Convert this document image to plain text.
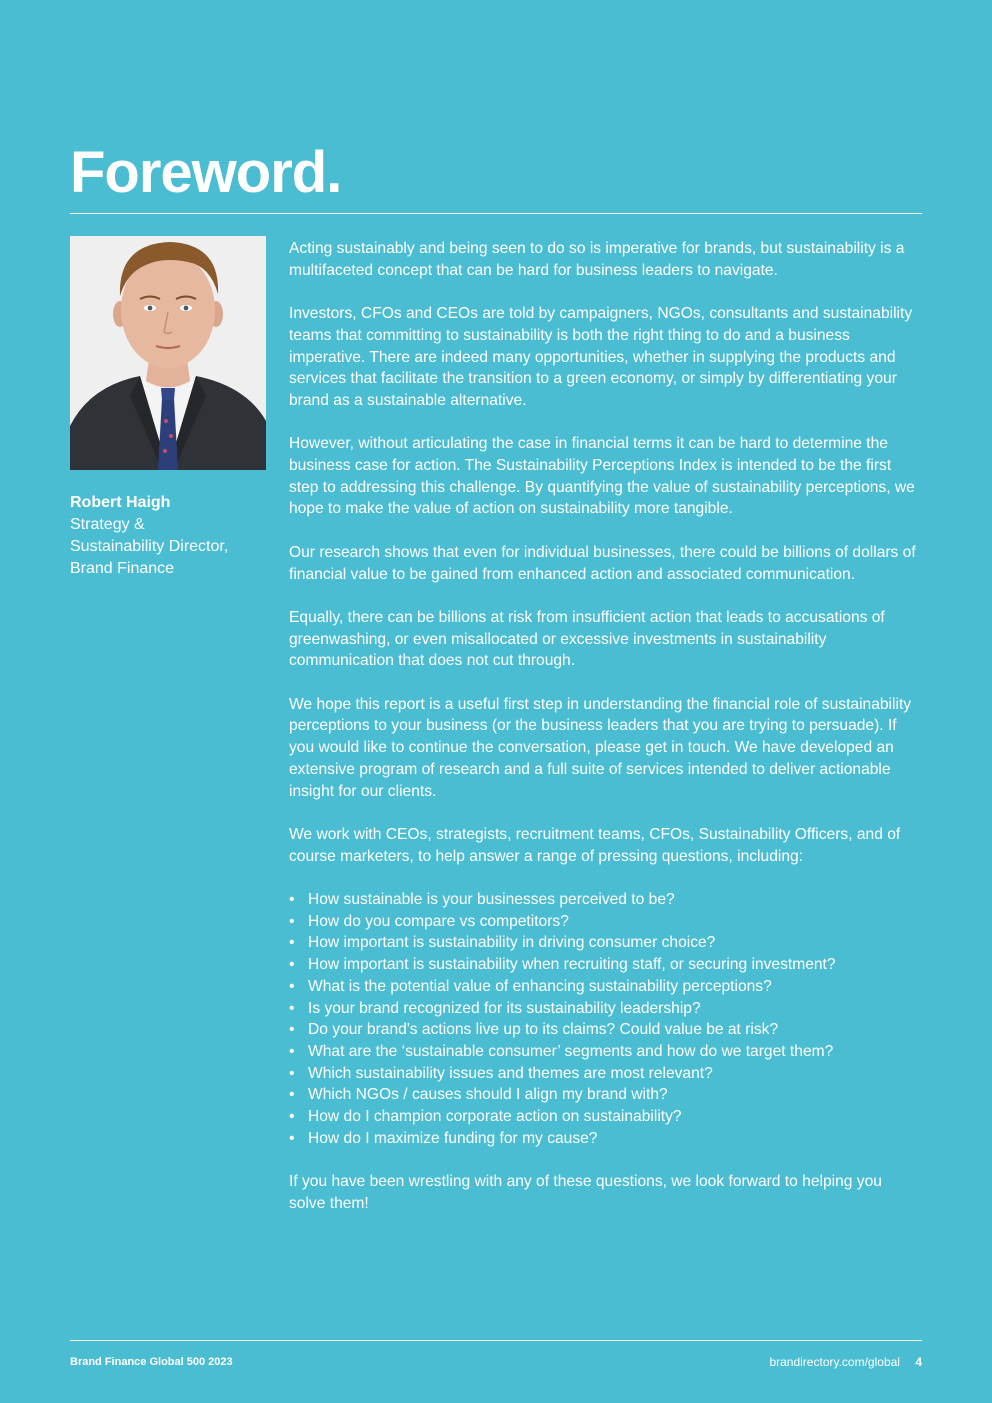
Foreword.
Robert Haigh
Strategy &
Sustainability Director,
Brand Finance

Acting sustainably and being seen to do so is imperative for brands, but sustainability is a multifaceted concept that can be hard for business leaders to navigate.

Investors, CFOs and CEOs are told by campaigners, NGOs, consultants and sustainability teams that committing to sustainability is both the right thing to do and a business imperative. There are indeed many opportunities, whether in supplying the products and services that facilitate the transition to a green economy, or simply by differentiating your brand as a sustainable alternative.

However, without articulating the case in financial terms it can be hard to determine the business case for action. The Sustainability Perceptions Index is intended to be the first step to addressing this challenge. By quantifying the value of sustainability perceptions, we hope to make the value of action on sustainability more tangible.

Our research shows that even for individual businesses, there could be billions of dollars of financial value to be gained from enhanced action and associated communication.

Equally, there can be billions at risk from insufficient action that leads to accusations of greenwashing, or even misallocated or excessive investments in sustainability communication that does not cut through.

We hope this report is a useful first step in understanding the financial role of sustainability perceptions to your business (or the business leaders that you are trying to persuade). If you would like to continue the conversation, please get in touch. We have developed an extensive program of research and a full suite of services intended to deliver actionable insight for our clients.

We work with CEOs, strategists, recruitment teams, CFOs, Sustainability Officers, and of course marketers, to help answer a range of pressing questions, including:

• How sustainable is your businesses perceived to be?
• How do you compare vs competitors?
• How important is sustainability in driving consumer choice?
• How important is sustainability when recruiting staff, or securing investment?
• What is the potential value of enhancing sustainability perceptions?
• Is your brand recognized for its sustainability leadership?
• Do your brand's actions live up to its claims? Could value be at risk?
• What are the ‘sustainable consumer’ segments and how do we target them?
• Which sustainability issues and themes are most relevant?
• Which NGOs / causes should I align my brand with?
• How do I champion corporate action on sustainability?
• How do I maximize funding for my cause?

If you have been wrestling with any of these questions, we look forward to helping you solve them!

Brand Finance Global 500 2023	brandirectory.com/global 4
